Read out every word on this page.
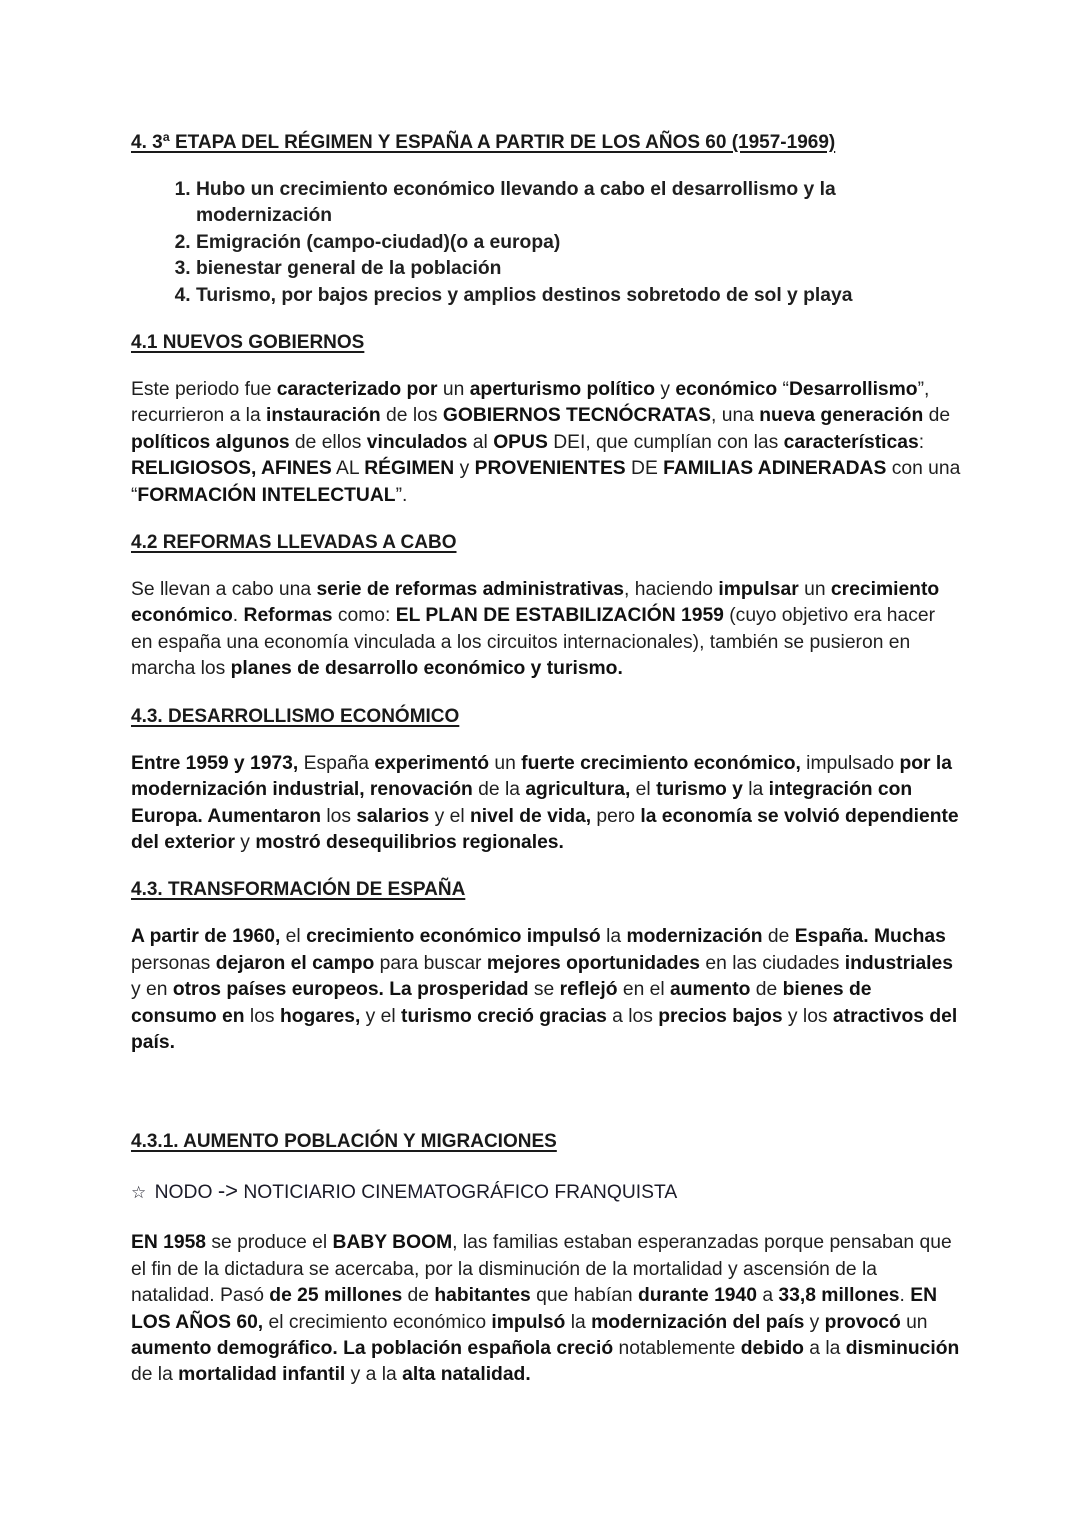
4. 3ª ETAPA DEL RÉGIMEN Y ESPAÑA A PARTIR DE LOS AÑOS 60 (1957-1969)
1. Hubo un crecimiento económico llevando a cabo el desarrollismo y la modernización
2. Emigración (campo-ciudad)(o a europa)
3. bienestar general de la población
4. Turismo, por bajos precios y amplios destinos sobretodo de sol y playa
4.1 NUEVOS GOBIERNOS

Este periodo fue caracterizado por un aperturismo político y económico “Desarrollismo”, recurrieron a la instauración de los GOBIERNOS TECNÓCRATAS, una nueva generación de políticos algunos de ellos vinculados al OPUS DEI, que cumplían con las características: RELIGIOSOS, AFINES AL RÉGIMEN y PROVENIENTES DE FAMILIAS ADINERADAS con una “FORMACIÓN INTELECTUAL”.

4.2 REFORMAS LLEVADAS A CABO

Se llevan a cabo una serie de reformas administrativas, haciendo impulsar un crecimiento económico. Reformas como: EL PLAN DE ESTABILIZACIÓN 1959 (cuyo objetivo era hacer en españa una economía vinculada a los circuitos internacionales), también se pusieron en marcha los planes de desarrollo económico y turismo.

4.3. DESARROLLISMO ECONÓMICO

Entre 1959 y 1973, España experimentó un fuerte crecimiento económico, impulsado por la modernización industrial, renovación de la agricultura, el turismo y la integración con Europa. Aumentaron los salarios y el nivel de vida, pero la economía se volvió dependiente del exterior y mostró desequilibrios regionales.

4.3. TRANSFORMACIÓN DE ESPAÑA

A partir de 1960, el crecimiento económico impulsó la modernización de España. Muchas personas dejaron el campo para buscar mejores oportunidades en las ciudades industriales y en otros países europeos. La prosperidad se reflejó en el aumento de bienes de consumo en los hogares, y el turismo creció gracias a los precios bajos y los atractivos del país.

4.3.1. AUMENTO POBLACIÓN Y MIGRACIONES
☆ NODO -> NOTICIARIO CINEMATOGRÁFICO FRANQUISTA

EN 1958 se produce el BABY BOOM, las familias estaban esperanzadas porque pensaban que el fin de la dictadura se acercaba, por la disminución de la mortalidad y ascensión de la natalidad. Pasó de 25 millones de habitantes que habían durante 1940 a 33,8 millones. EN LOS AÑOS 60, el crecimiento económico impulsó la modernización del país y provocó un aumento demográfico. La población española creció notablemente debido a la disminución de la mortalidad infantil y a la alta natalidad.
